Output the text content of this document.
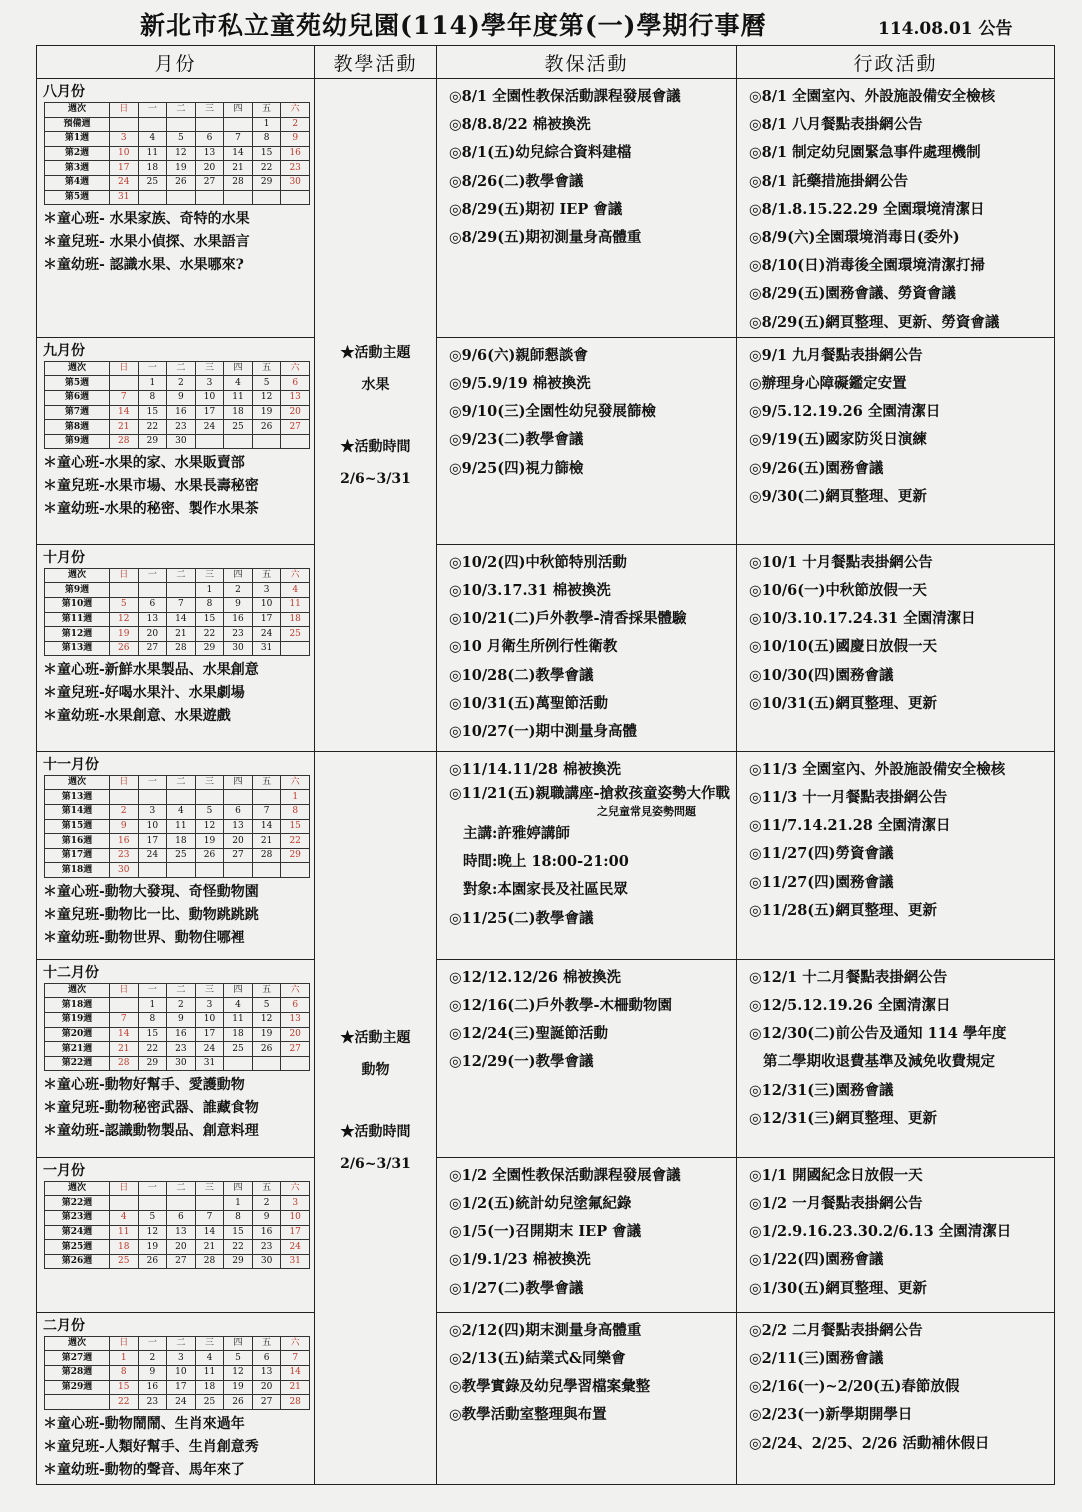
新北市私立童苑幼兒園(114)學年度第(一)學期行事曆	114.08.01 公告
月份	教學活動	教保活動	行政活動

八月份
週次	日	一	二	三	四	五	六
預備週						1	2
第1週	3	4	5	6	7	8	9
第2週	10	11	12	13	14	15	16
第3週	17	18	19	20	21	22	23
第4週	24	25	26	27	28	29	30
第5週	31						
＊童心班- 水果家族、奇特的水果
＊童兒班- 水果小偵探、水果語言
＊童幼班- 認識水果、水果哪來?

★活動主題
水果
★活動時間
2/6~3/31

◎8/1 全園性教保活動課程發展會議
◎8/8.8/22 棉被換洗
◎8/1(五)幼兒綜合資料建檔
◎8/26(二)教學會議
◎8/29(五)期初 IEP 會議
◎8/29(五)期初測量身高體重

◎8/1 全園室內、外設施設備安全檢核
◎8/1 八月餐點表掛網公告
◎8/1 制定幼兒園緊急事件處理機制
◎8/1 託藥措施掛網公告
◎8/1.8.15.22.29 全園環境清潔日
◎8/9(六)全園環境消毒日(委外)
◎8/10(日)消毒後全園環境清潔打掃
◎8/29(五)園務會議、勞資會議
◎8/29(五)網頁整理、更新、勞資會議

九月份
週次	日	一	二	三	四	五	六
第5週		1	2	3	4	5	6
第6週	7	8	9	10	11	12	13
第7週	14	15	16	17	18	19	20
第8週	21	22	23	24	25	26	27
第9週	28	29	30				
＊童心班-水果的家、水果販賣部
＊童兒班-水果市場、水果長壽秘密
＊童幼班-水果的秘密、製作水果茶

◎9/6(六)親師懇談會
◎9/5.9/19 棉被換洗
◎9/10(三)全園性幼兒發展篩檢
◎9/23(二)教學會議
◎9/25(四)視力篩檢

◎9/1 九月餐點表掛網公告
◎辦理身心障礙鑑定安置
◎9/5.12.19.26 全園清潔日
◎9/19(五)國家防災日演練
◎9/26(五)園務會議
◎9/30(二)網頁整理、更新

十月份
週次	日	一	二	三	四	五	六
第9週				1	2	3	4
第10週	5	6	7	8	9	10	11
第11週	12	13	14	15	16	17	18
第12週	19	20	21	22	23	24	25
第13週	26	27	28	29	30	31	
＊童心班-新鮮水果製品、水果創意
＊童兒班-好喝水果汁、水果劇場
＊童幼班-水果創意、水果遊戲

◎10/2(四)中秋節特別活動
◎10/3.17.31 棉被換洗
◎10/21(二)戶外教學-清香採果體驗
◎10 月衛生所例行性衛教
◎10/28(二)教學會議
◎10/31(五)萬聖節活動
◎10/27(一)期中測量身高體

◎10/1 十月餐點表掛網公告
◎10/6(一)中秋節放假一天
◎10/3.10.17.24.31 全園清潔日
◎10/10(五)國慶日放假一天
◎10/30(四)園務會議
◎10/31(五)網頁整理、更新

十一月份
週次	日	一	二	三	四	五	六
第13週							1
第14週	2	3	4	5	6	7	8
第15週	9	10	11	12	13	14	15
第16週	16	17	18	19	20	21	22
第17週	23	24	25	26	27	28	29
第18週	30						
＊童心班-動物大發現、奇怪動物園
＊童兒班-動物比一比、動物跳跳跳
＊童幼班-動物世界、動物住哪裡

★活動主題
動物
★活動時間
2/6~3/31

◎11/14.11/28 棉被換洗
◎11/21(五)親職講座-搶救孩童姿勢大作戰
之兒童常見姿勢問題
主講:許雅婷講師
時間:晚上 18:00-21:00
對象:本園家長及社區民眾
◎11/25(二)教學會議

◎11/3 全園室內、外設施設備安全檢核
◎11/3 十一月餐點表掛網公告
◎11/7.14.21.28 全園清潔日
◎11/27(四)勞資會議
◎11/27(四)園務會議
◎11/28(五)網頁整理、更新

十二月份
週次	日	一	二	三	四	五	六
第18週		1	2	3	4	5	6
第19週	7	8	9	10	11	12	13
第20週	14	15	16	17	18	19	20
第21週	21	22	23	24	25	26	27
第22週	28	29	30	31			
＊童心班-動物好幫手、愛護動物
＊童兒班-動物秘密武器、誰藏食物
＊童幼班-認識動物製品、創意料理

◎12/12.12/26 棉被換洗
◎12/16(二)戶外教學-木柵動物園
◎12/24(三)聖誕節活動
◎12/29(一)教學會議

◎12/1 十二月餐點表掛網公告
◎12/5.12.19.26 全園清潔日
◎12/30(二)前公告及通知 114 學年度
第二學期收退費基準及減免收費規定
◎12/31(三)園務會議
◎12/31(三)網頁整理、更新

一月份
週次	日	一	二	三	四	五	六
第22週					1	2	3
第23週	4	5	6	7	8	9	10
第24週	11	12	13	14	15	16	17
第25週	18	19	20	21	22	23	24
第26週	25	26	27	28	29	30	31

◎1/2 全園性教保活動課程發展會議
◎1/2(五)統計幼兒塗氟紀錄
◎1/5(一)召開期末 IEP 會議
◎1/9.1/23 棉被換洗
◎1/27(二)教學會議

◎1/1 開國紀念日放假一天
◎1/2 一月餐點表掛網公告
◎1/2.9.16.23.30.2/6.13 全園清潔日
◎1/22(四)園務會議
◎1/30(五)網頁整理、更新

二月份
週次	日	一	二	三	四	五	六
第27週	1	2	3	4	5	6	7
第28週	8	9	10	11	12	13	14
第29週	15	16	17	18	19	20	21
	22	23	24	25	26	27	28
＊童心班-動物鬧鬧、生肖來過年
＊童兒班-人類好幫手、生肖創意秀
＊童幼班-動物的聲音、馬年來了

◎2/12(四)期末測量身高體重
◎2/13(五)結業式&同樂會
◎教學實錄及幼兒學習檔案彙整
◎教學活動室整理與布置

◎2/2 二月餐點表掛網公告
◎2/11(三)園務會議
◎2/16(一)~2/20(五)春節放假
◎2/23(一)新學期開學日
◎2/24、2/25、2/26 活動補休假日
